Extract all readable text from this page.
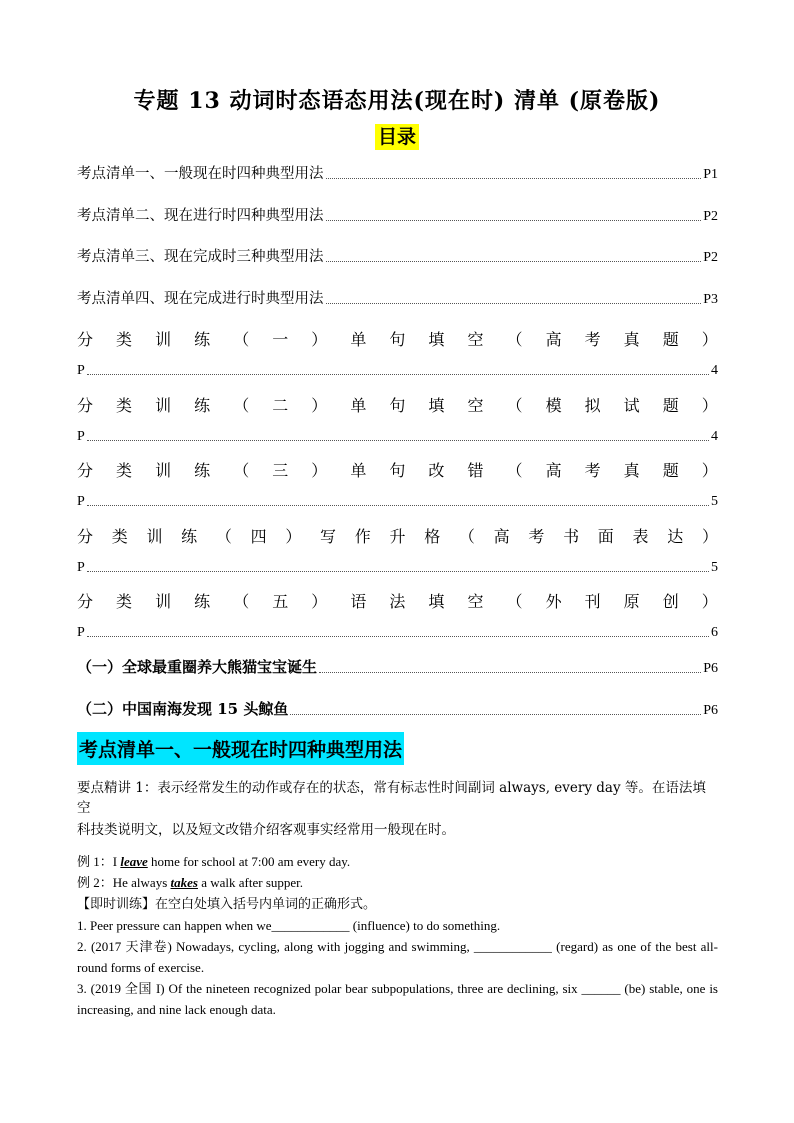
专题 13 动词时态语态用法(现在时) 清单 (原卷版)
目录
考点清单一、一般现在时四种典型用法	P1
考点清单二、现在进行时四种典型用法	P2
考点清单三、现在完成时三种典型用法	P2
考点清单四、现在完成进行时典型用法	P3
分 类 训 练 （ 一 ） 单 句 填 空 （ 高 考 真 题 ）
P	4
分 类 训 练 （ 二 ） 单 句 填 空 （ 模 拟 试 题 ）
P	4
分 类 训 练 （ 三 ） 单 句 改 错 （ 高 考 真 题 ）
P	5
分 类 训 练 （ 四 ） 写 作 升 格 （ 高 考 书 面 表 达 ）
P	5
分 类 训 练 （ 五 ） 语 法 填 空 （ 外 刊 原 创 ）
P	6
（一）全球最重圈养大熊猫宝宝诞生	P6
（二）中国南海发现 15 头鲸鱼	P6
考点清单一、一般现在时四种典型用法
要点精讲 1：表示经常发生的动作或存在的状态，常有标志性时间副词 always, every day 等。在语法填空
科技类说明文，以及短文改错介绍客观事实经常用一般现在时。
例 1：I leave home for school at 7:00 am every day.
例 2：He always takes a walk after supper.
【即时训练】在空白处填入括号内单词的正确形式。
1. Peer pressure can happen when we____________ (influence) to do something.
2. (2017 天津卷) Nowadays, cycling, along with jogging and swimming, ____________ (regard) as one of the best all-round forms of exercise.
3. (2019 全国 I) Of the nineteen recognized polar bear subpopulations, three are declining, six ______ (be) stable, one is increasing, and nine lack enough data.
